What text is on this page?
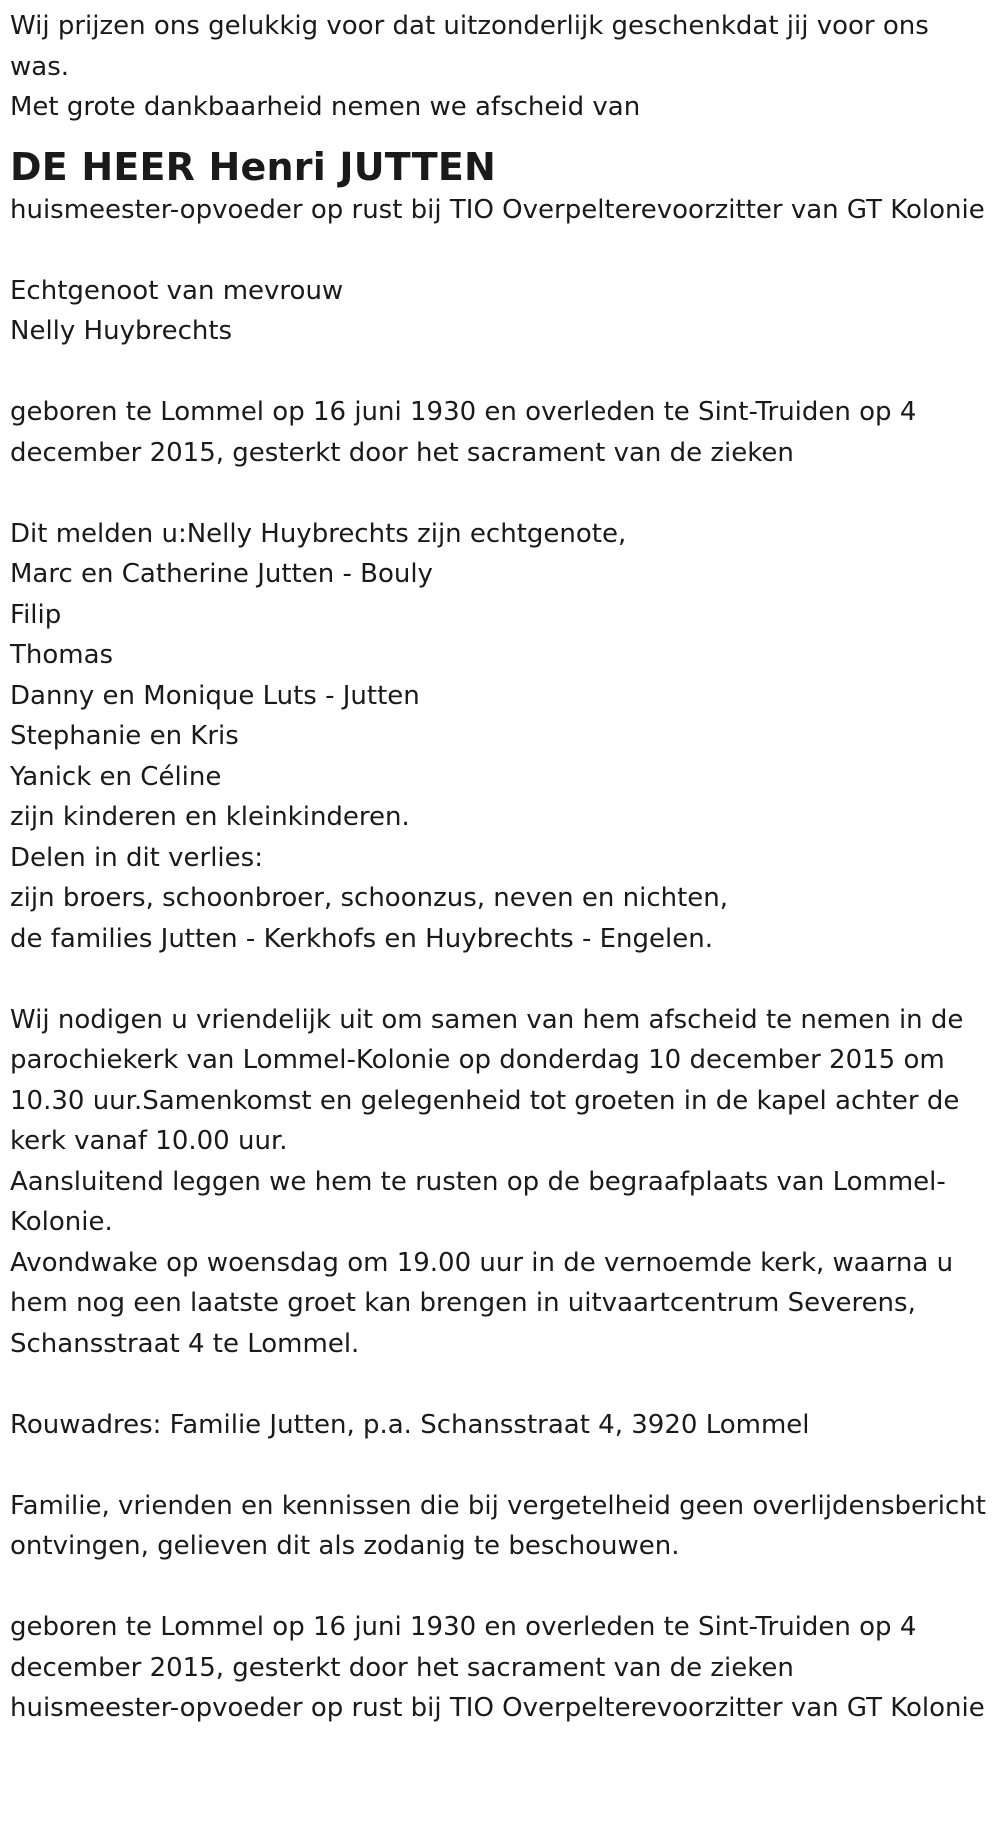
Wij prijzen ons gelukkig voor dat uitzonderlijk geschenkdat jij voor ons was.
Met grote dankbaarheid nemen we afscheid van

DE HEER Henri JUTTEN

huismeester-opvoeder op rust bij TIO Overpelterevoorzitter van GT Kolonie

Echtgenoot van mevrouw
Nelly Huybrechts

geboren te Lommel op 16 juni 1930 en overleden te Sint-Truiden op 4 december 2015, gesterkt door het sacrament van de zieken

Dit melden u:Nelly Huybrechts zijn echtgenote,
Marc en Catherine Jutten - Bouly
Filip
Thomas
Danny en Monique Luts - Jutten
Stephanie en Kris
Yanick en Céline
zijn kinderen en kleinkinderen.
Delen in dit verlies:
zijn broers, schoonbroer, schoonzus, neven en nichten,
de families Jutten - Kerkhofs en Huybrechts - Engelen.

Wij nodigen u vriendelijk uit om samen van hem afscheid te nemen in de parochiekerk van Lommel-Kolonie op donderdag 10 december 2015 om 10.30 uur.Samenkomst en gelegenheid tot groeten in de kapel achter de kerk vanaf 10.00 uur.
Aansluitend leggen we hem te rusten op de begraafplaats van Lommel-Kolonie.
Avondwake op woensdag om 19.00 uur in de vernoemde kerk, waarna u hem nog een laatste groet kan brengen in uitvaartcentrum Severens, Schansstraat 4 te Lommel.

Rouwadres: Familie Jutten, p.a. Schansstraat 4, 3920 Lommel

Familie, vrienden en kennissen die bij vergetelheid geen overlijdensbericht ontvingen, gelieven dit als zodanig te beschouwen.

geboren te Lommel op 16 juni 1930 en overleden te Sint-Truiden op 4 december 2015, gesterkt door het sacrament van de zieken
huismeester-opvoeder op rust bij TIO Overpelterevoorzitter van GT Kolonie
